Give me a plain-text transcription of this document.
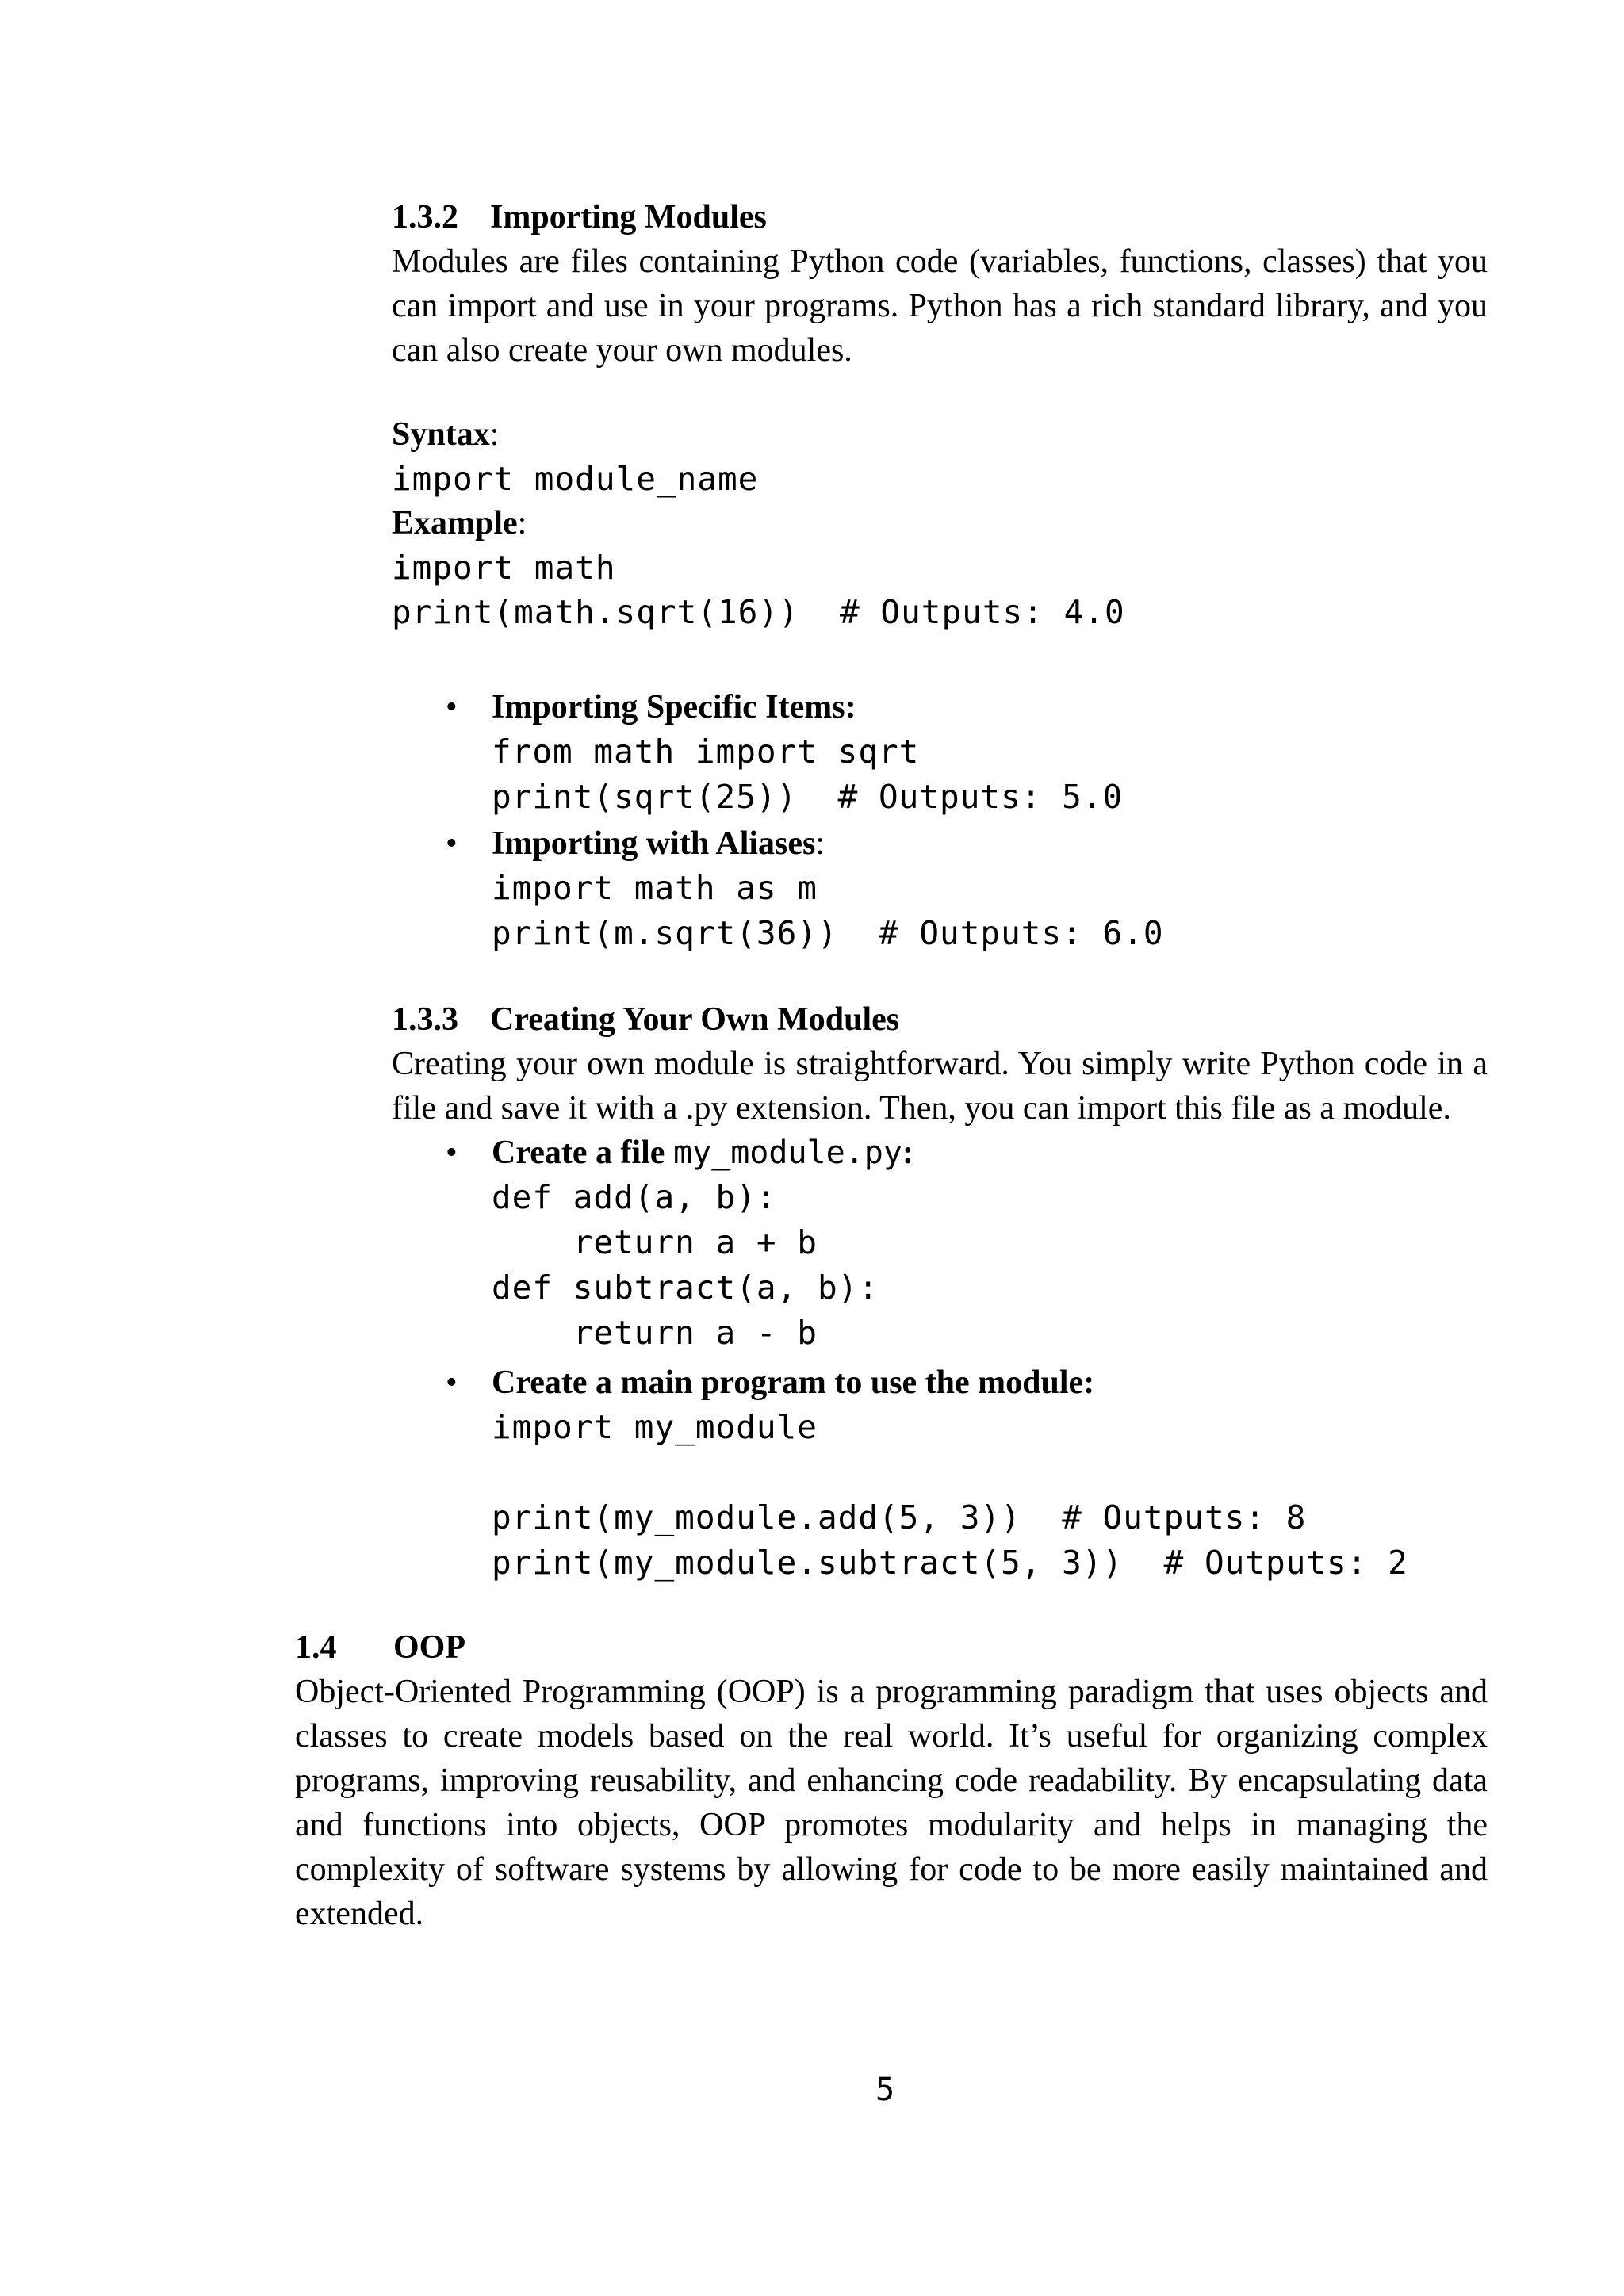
1.3.2 Importing Modules
Modules are files containing Python code (variables, functions, classes) that you can import and use in your programs. Python has a rich standard library, and you can also create your own modules.
Syntax:
import module_name
Example:
import math
print(math.sqrt(16))  # Outputs: 4.0
• Importing Specific Items:
from math import sqrt
print(sqrt(25))  # Outputs: 5.0
• Importing with Aliases:
import math as m
print(m.sqrt(36))  # Outputs: 6.0
1.3.3 Creating Your Own Modules
Creating your own module is straightforward. You simply write Python code in a file and save it with a .py extension. Then, you can import this file as a module.
• Create a file my_module.py:
def add(a, b):
return a + b
def subtract(a, b):
return a - b
• Create a main program to use the module:
import my_module
print(my_module.add(5, 3))  # Outputs: 8
print(my_module.subtract(5, 3))  # Outputs: 2
1.4 OOP
Object-Oriented Programming (OOP) is a programming paradigm that uses objects and classes to create models based on the real world. It’s useful for organizing complex programs, improving reusability, and enhancing code readability. By encapsulating data and functions into objects, OOP promotes modularity and helps in managing the complexity of software systems by allowing for code to be more easily maintained and extended.
5
